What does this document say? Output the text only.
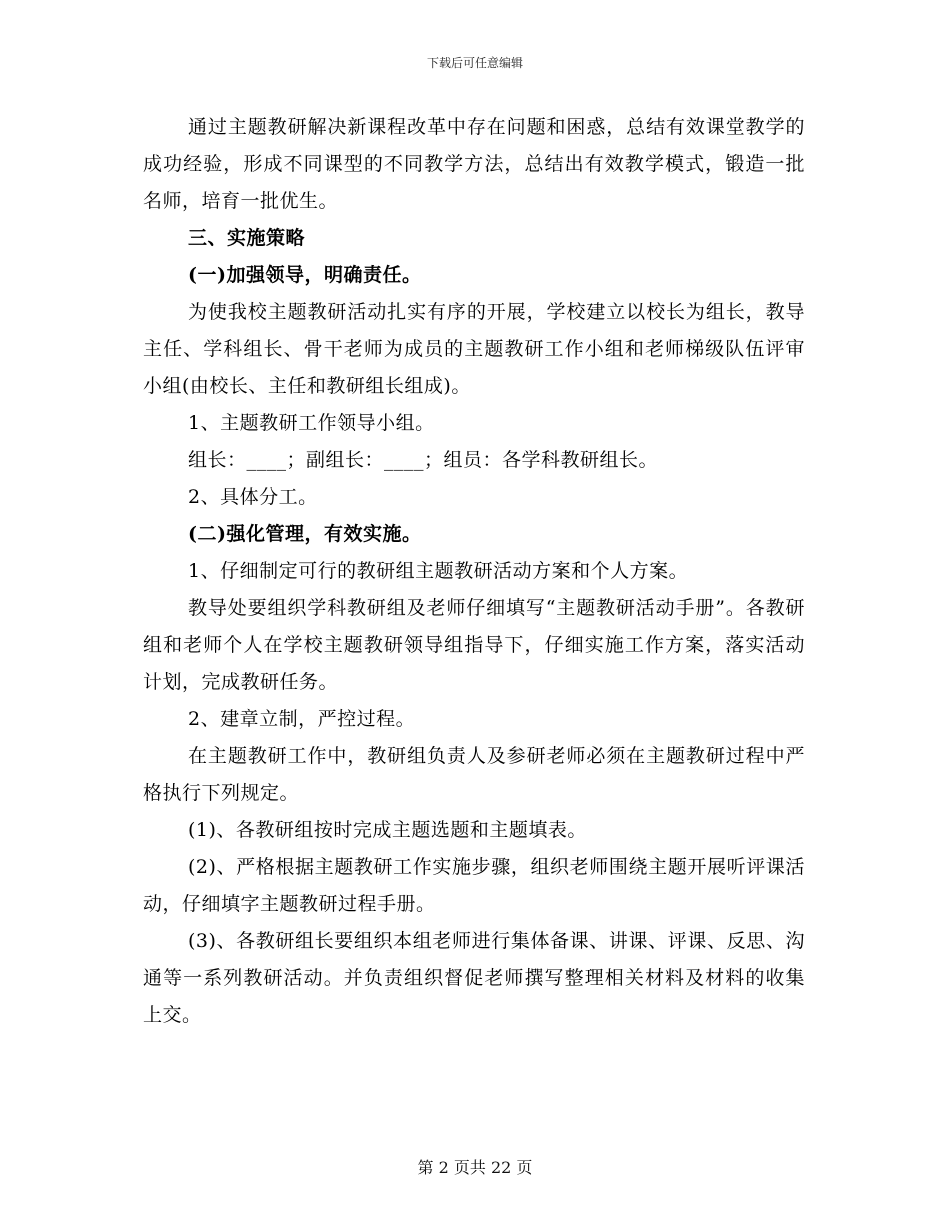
下载后可任意编辑

通过主题教研解决新课程改革中存在问题和困惑，总结有效课堂教学的成功经验，形成不同课型的不同教学方法，总结出有效教学模式，锻造一批名师，培育一批优生。

三、实施策略

(一)加强领导，明确责任。

为使我校主题教研活动扎实有序的开展，学校建立以校长为组长，教导主任、学科组长、骨干老师为成员的主题教研工作小组和老师梯级队伍评审小组(由校长、主任和教研组长组成)。

1、主题教研工作领导小组。

组长：____；副组长：____；组员：各学科教研组长。

2、具体分工。

(二)强化管理，有效实施。

1、仔细制定可行的教研组主题教研活动方案和个人方案。

教导处要组织学科教研组及老师仔细填写“主题教研活动手册”。各教研组和老师个人在学校主题教研领导组指导下，仔细实施工作方案，落实活动计划，完成教研任务。

2、建章立制，严控过程。

在主题教研工作中，教研组负责人及参研老师必须在主题教研过程中严格执行下列规定。

(1)、各教研组按时完成主题选题和主题填表。

(2)、严格根据主题教研工作实施步骤，组织老师围绕主题开展听评课活动，仔细填字主题教研过程手册。

(3)、各教研组长要组织本组老师进行集体备课、讲课、评课、反思、沟通等一系列教研活动。并负责组织督促老师撰写整理相关材料及材料的收集上交。

第 2 页共 22 页
